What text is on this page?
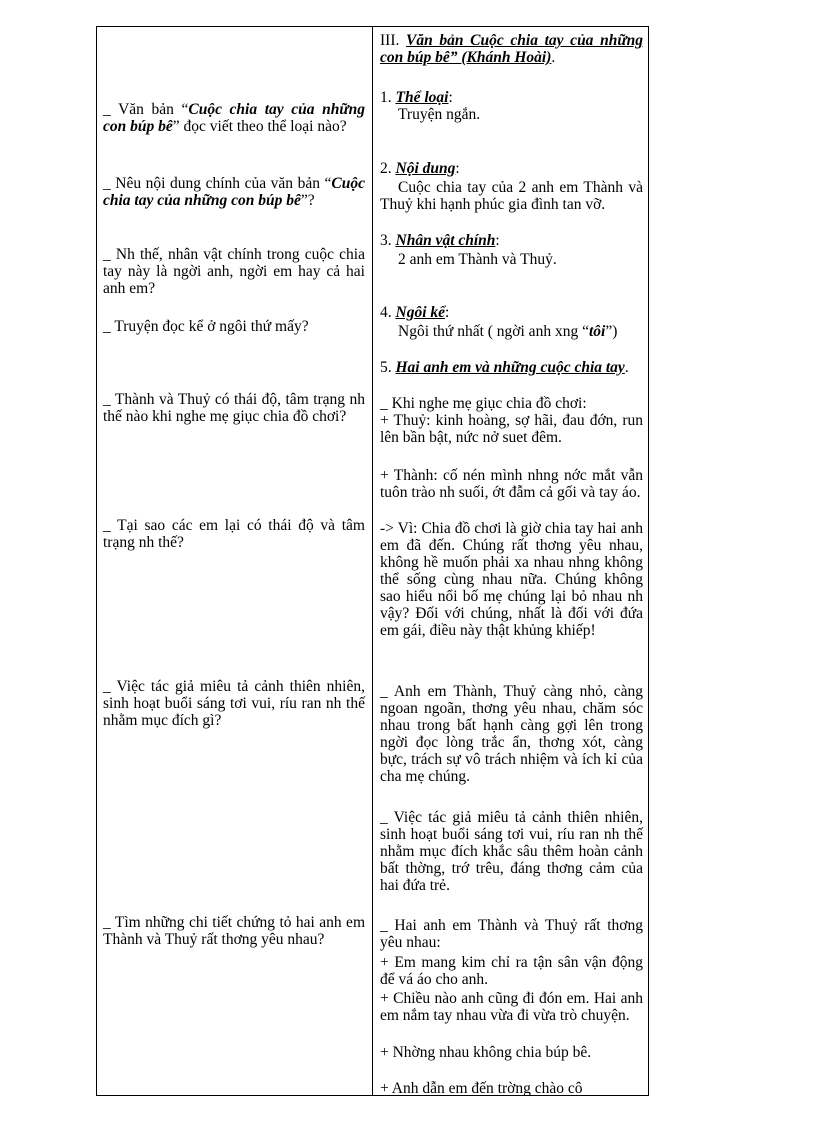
_ Văn bản “Cuộc chia tay của những con búp bê” đọc viết theo thể loại nào?
_ Nêu nội dung chính của văn bản “Cuộc chia tay của những con búp bê”?
_ Nh thế, nhân vật chính trong cuộc chia tay này là ngời anh, ngời em hay cả hai anh em?
_ Truyện đọc kể ở ngôi thứ mấy?
_ Thành và Thuỷ có thái độ, tâm trạng nh thế nào khi nghe mẹ giục chia đồ chơi?
_ Tại sao các em lại có thái độ và tâm trạng nh thế?
_ Việc tác giả miêu tả cảnh thiên nhiên, sinh hoạt buổi sáng tơi vui, ríu ran nh thế nhằm mục đích gì?
_ Tìm những chi tiết chứng tỏ hai anh em Thành và Thuỷ rất thơng yêu nhau?
III. Văn bản Cuộc chia tay của những con búp bê” (Khánh Hoài).
1. Thể loại:
Truyện ngắn.
2. Nội dung:
Cuộc chia tay của 2 anh em Thành và Thuỷ khi hạnh phúc gia đình tan vỡ.
3. Nhân vật chính:
2 anh em Thành và Thuỷ.
4. Ngôi kể:
Ngôi thứ nhất ( ngời anh xng “tôi”)
5. Hai anh em và những cuộc chia tay.
_ Khi nghe mẹ giục chia đồ chơi:
+ Thuỷ: kinh hoàng, sợ hãi, đau đớn, run lên bần bật, nức nở suet đêm.
+ Thành: cố nén mình nhng nớc mắt vẫn tuôn trào nh suối, ớt đẫm cả gối và tay áo.
-> Vì: Chia đồ chơi là giờ chia tay hai anh em đã đến. Chúng rất thơng yêu nhau, không hề muốn phải xa nhau nhng không thể sống cùng nhau nữa. Chúng không sao hiểu nổi bố mẹ chúng lại bỏ nhau nh vậy? Đối với chúng, nhất là đối với đứa em gái, điều này thật khủng khiếp!
_ Anh em Thành, Thuỷ càng nhỏ, càng ngoan ngoãn, thơng yêu nhau, chăm sóc nhau trong bất hạnh càng gợi lên trong ngời đọc lòng trắc ẩn, thơng xót, càng bực, trách sự vô trách nhiệm và ích kỉ của cha mẹ chúng.
_ Việc tác giả miêu tả cảnh thiên nhiên, sinh hoạt buổi sáng tơi vui, ríu ran nh thế nhằm mục đích khắc sâu thêm hoàn cảnh bất thờng, trớ trêu, đáng thơng cảm của hai đứa trẻ.
_ Hai anh em Thành và Thuỷ rất thơng yêu nhau:
+ Em mang kim chỉ ra tận sân vận động để vá áo cho anh.
+ Chiều nào anh cũng đi đón em. Hai anh em nắm tay nhau vừa đi vừa trò chuyện.
+ Nhờng nhau không chia búp bê.
+ Anh dẫn em đến trờng chào cô
